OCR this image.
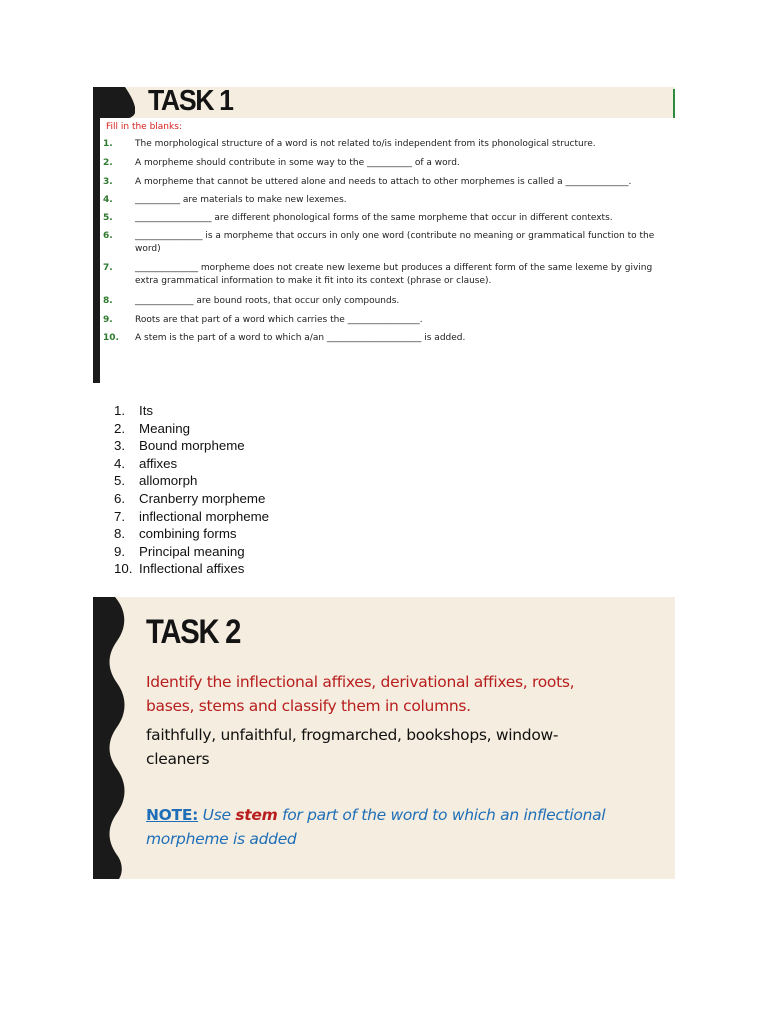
TASK 1
Fill in the blanks:
1.	The morphological structure of a word is not related to/is independent from its phonological structure.
2.	A morpheme should contribute in some way to the __________ of a word.
3.	A morpheme that cannot be uttered alone and needs to attach to other morphemes is called a ______________.
4.	__________ are materials to make new lexemes.
5.	_________________ are different phonological forms of the same morpheme that occur in different contexts.
6.	_______________ is a morpheme that occurs in only one word (contribute no meaning or grammatical function to the word)
7.	______________ morpheme does not create new lexeme but produces a different form of the same lexeme by giving extra grammatical information to make it fit into its context (phrase or clause).
8.	_____________ are bound roots, that occur only compounds.
9.	Roots are that part of a word which carries the ________________.
10.	A stem is the part of a word to which a/an _____________________ is added.
1. Its
2. Meaning
3. Bound morpheme
4. affixes
5. allomorph
6. Cranberry morpheme
7. inflectional morpheme
8. combining forms
9. Principal meaning
10. Inflectional affixes
TASK 2
Identify the inflectional affixes, derivational affixes, roots, bases, stems and classify them in columns.
faithfully, unfaithful, frogmarched, bookshops, window-cleaners
NOTE: Use stem for part of the word to which an inflectional morpheme is added
